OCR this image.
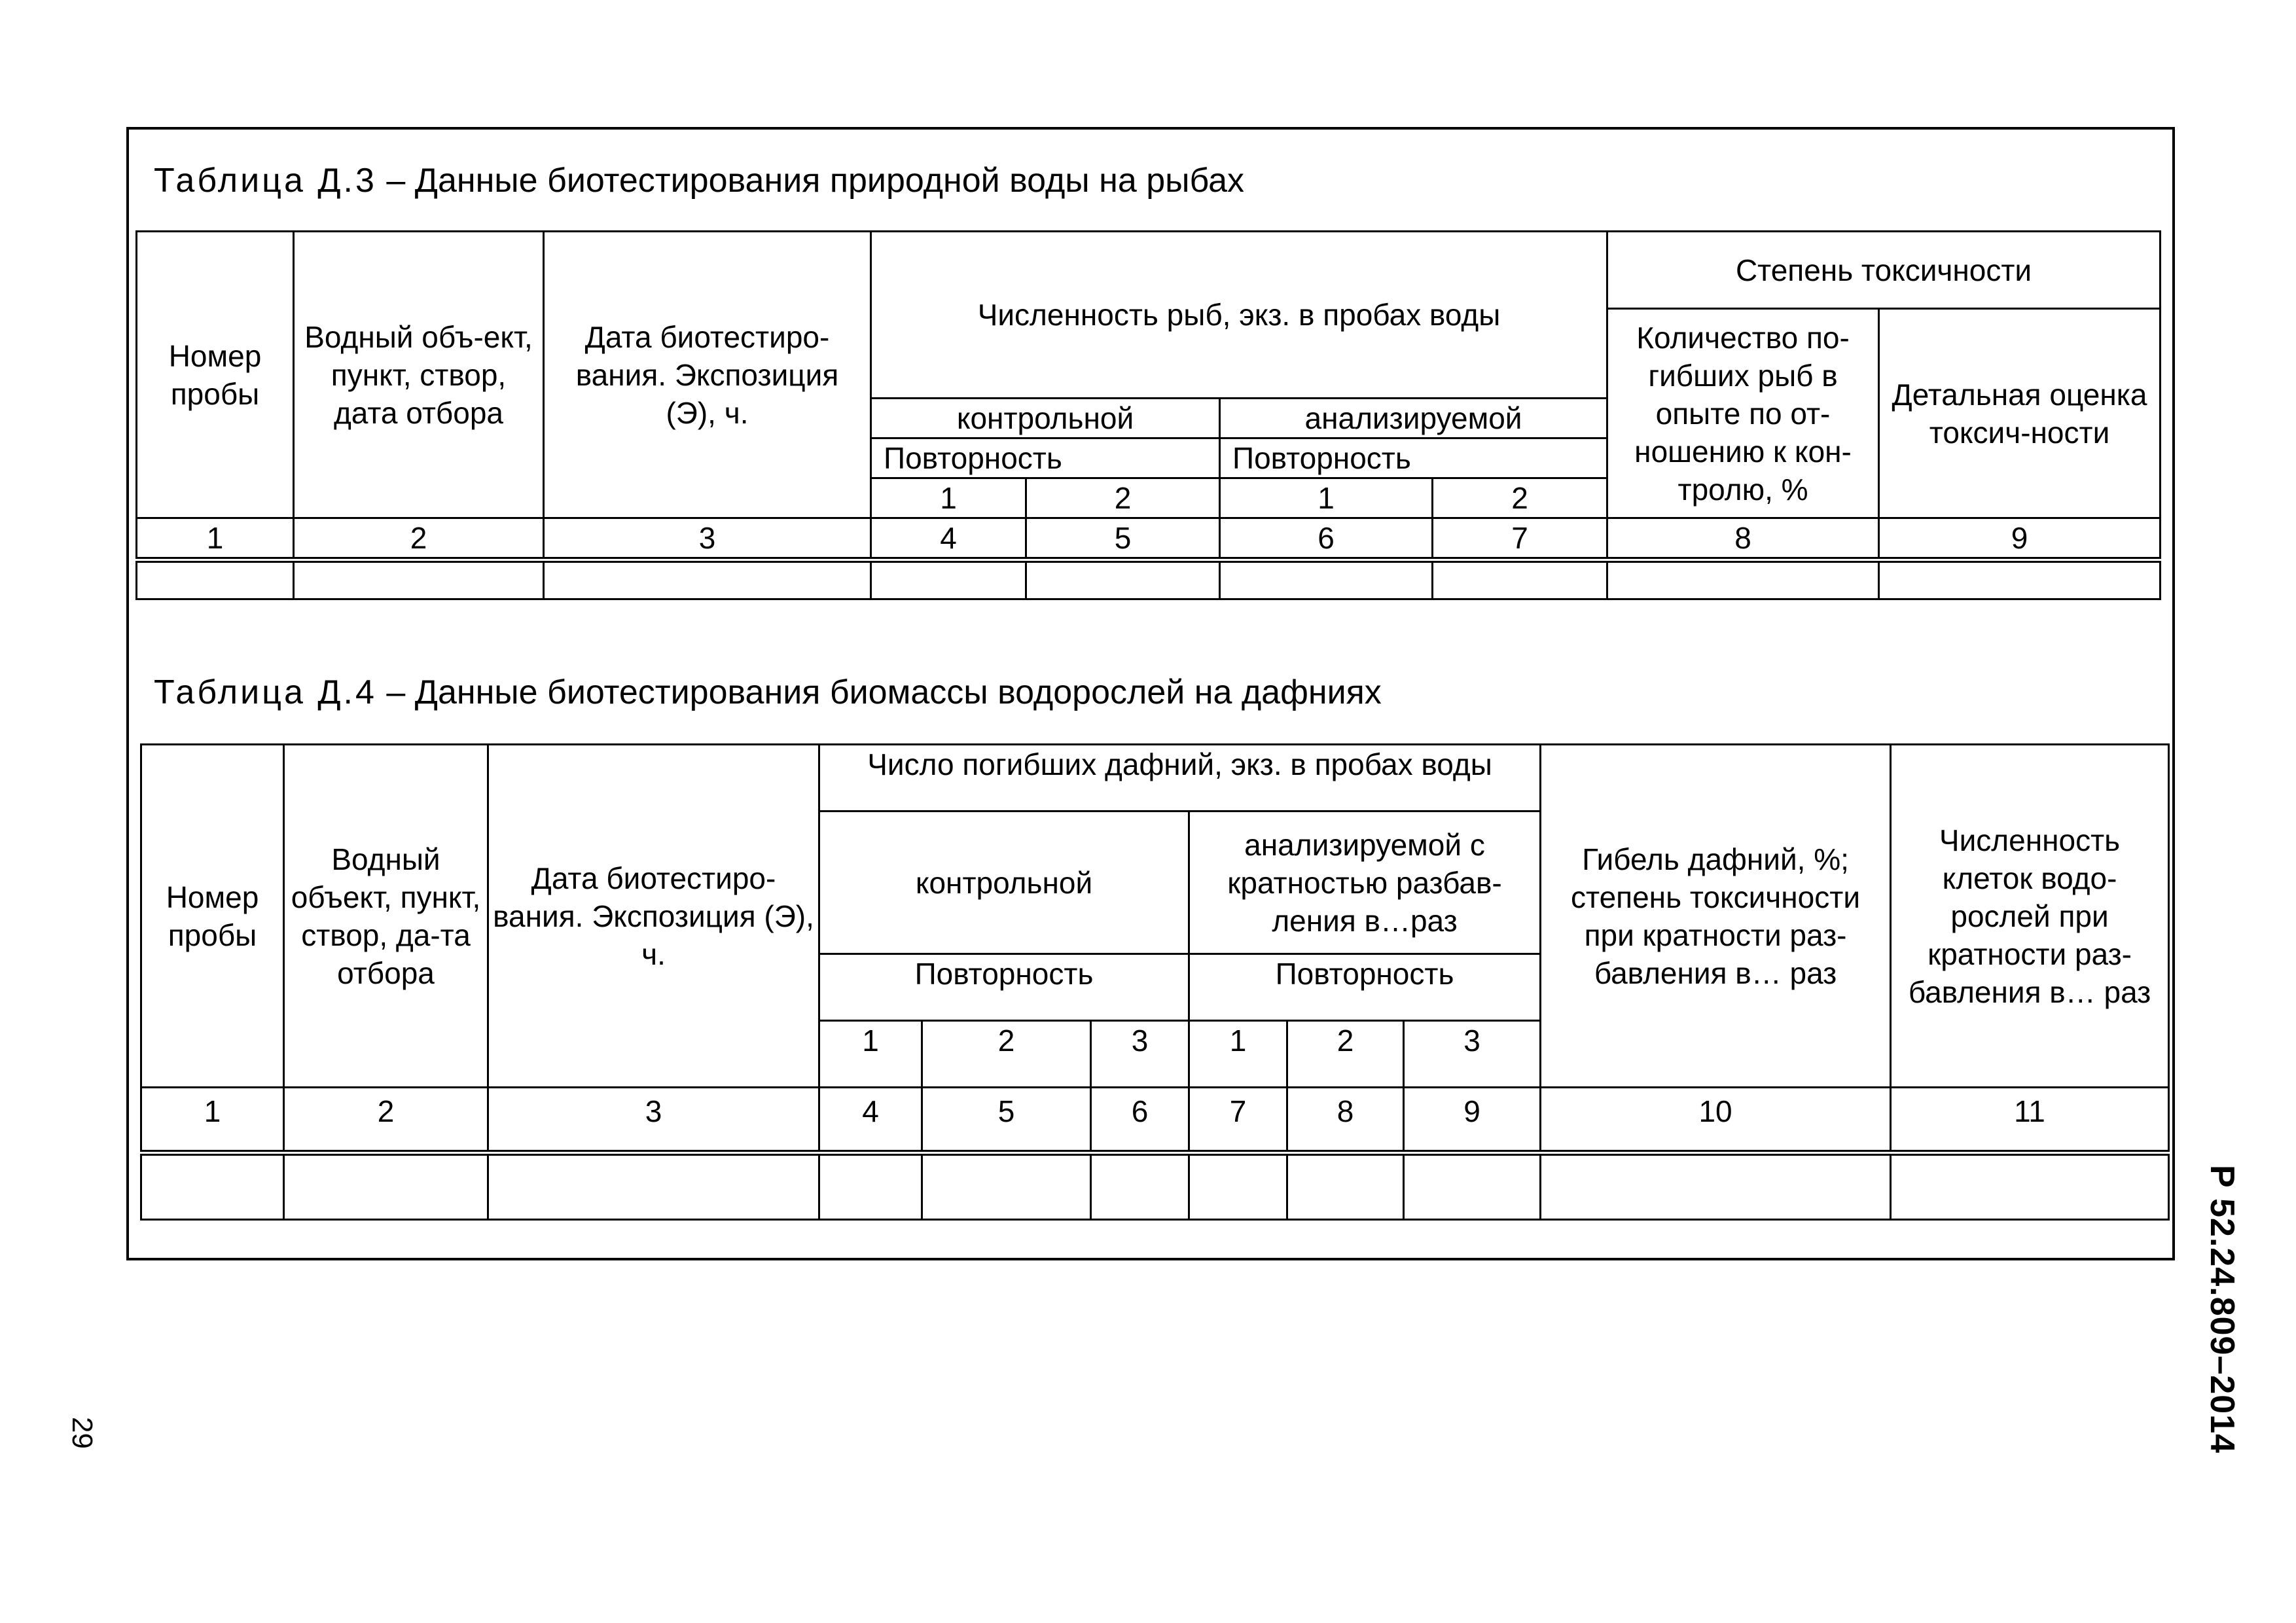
Таблица Д.3 – Данные биотестирования природной воды на рыбах
Номер пробы	Водный объ-ект, пункт, створ, дата отбора	Дата биотестиро-вания. Экспозиция (Э), ч.	Численность рыб, экз. в пробах воды				Степень токсичности	
							Количество по-гибших рыб в опыте по от-ношению к кон-тролю, %	Детальная оценка токсич-ности
			контрольной		анализируемой			
			Повторность		Повторность			
			1	2	1	2		
1	2	3	4	5	6	7	8	9

Таблица Д.4 – Данные биотестирования биомассы водорослей на дафниях
Номер пробы	Водный объект, пункт, створ, да-та отбора	Дата биотестиро-вания. Экспозиция (Э), ч.	Число погибших дафний, экз. в пробах воды						Гибель дафний, %; степень токсичности при кратности раз-бавления в… раз	Численность клеток водо-рослей при кратности раз-бавления в… раз
			контрольной			анализируемой с кратностью разбав-ления в…раз				
			Повторность			Повторность				
			1	2	3	1	2	3		
1	2	3	4	5	6	7	8	9	10	11

Р 52.24.809–2014
29
